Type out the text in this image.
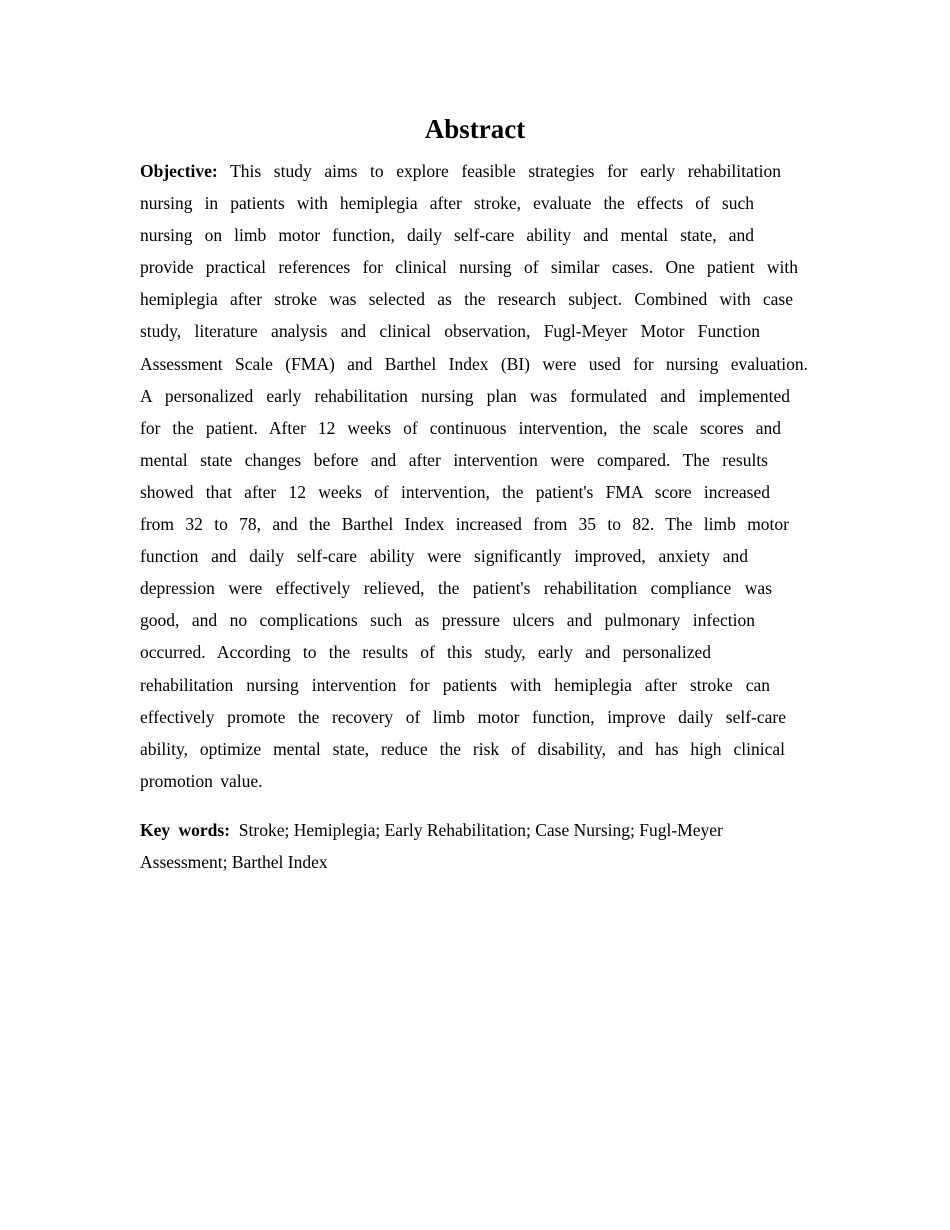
Abstract
Objective: This study aims to explore feasible strategies for early rehabilitation
nursing in patients with hemiplegia after stroke, evaluate the effects of such
nursing on limb motor function, daily self-care ability and mental state, and
provide practical references for clinical nursing of similar cases. One patient with
hemiplegia after stroke was selected as the research subject. Combined with case
study, literature analysis and clinical observation, Fugl-Meyer Motor Function
Assessment Scale (FMA) and Barthel Index (BI) were used for nursing evaluation.
A personalized early rehabilitation nursing plan was formulated and implemented
for the patient. After 12 weeks of continuous intervention, the scale scores and
mental state changes before and after intervention were compared. The results
showed that after 12 weeks of intervention, the patient's FMA score increased
from 32 to 78, and the Barthel Index increased from 35 to 82. The limb motor
function and daily self-care ability were significantly improved, anxiety and
depression were effectively relieved, the patient's rehabilitation compliance was
good, and no complications such as pressure ulcers and pulmonary infection
occurred. According to the results of this study, early and personalized
rehabilitation nursing intervention for patients with hemiplegia after stroke can
effectively promote the recovery of limb motor function, improve daily self-care
ability, optimize mental state, reduce the risk of disability, and has high clinical
promotion value.
Key words: Stroke; Hemiplegia; Early Rehabilitation; Case Nursing; Fugl-Meyer
Assessment; Barthel Index
